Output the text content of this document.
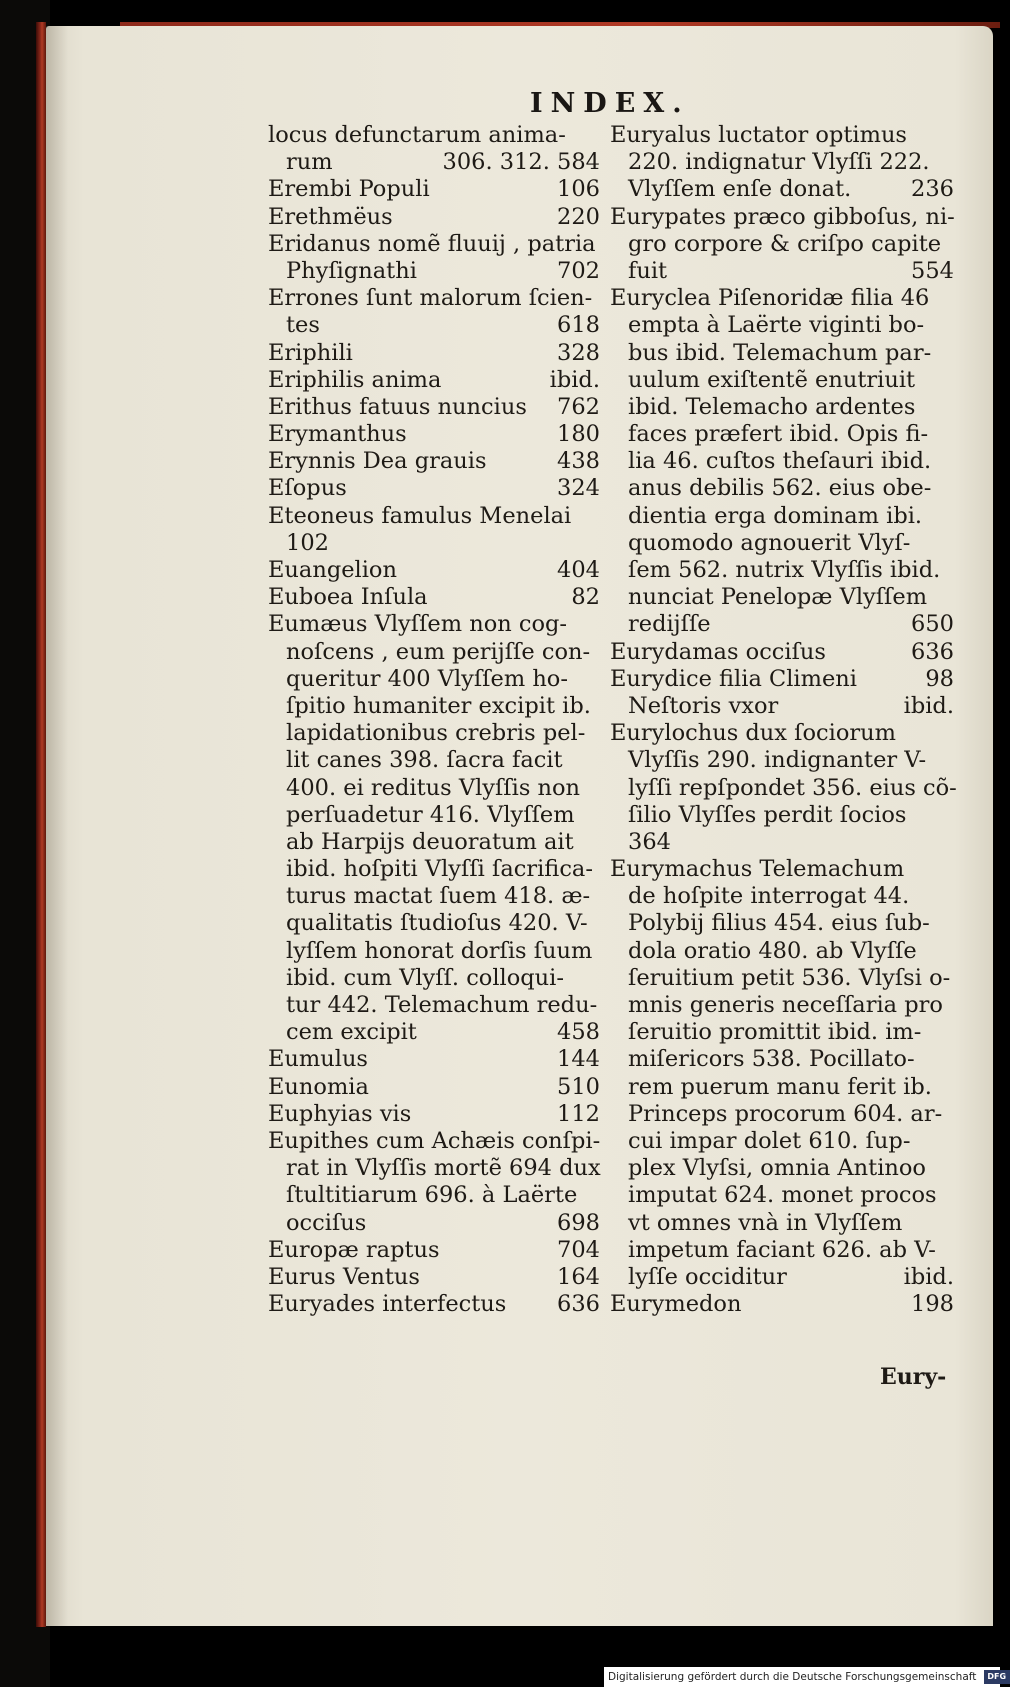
INDEX.
locus defunctarum anima-
rum	306. 312. 584
Erembi Populi	106
Erethmëus	220
Eridanus nomẽ fluuij , patria
Phyſignathi	702
Errones ſunt malorum ſcien-
tes	618
Eriphili	328
Eriphilis anima	ibid.
Erithus fatuus nuncius 762
Erymanthus	180
Erynnis Dea grauis	438
Eſopus	324
Eteoneus famulus Menelai
102
Euangelion	404
Euboea Inſula	82
Eumæus Vlyſſem non cog-
noſcens , eum perijſſe con-
queritur 400 Vlyſſem ho-
ſpitio humaniter excipit ib.
lapidationibus crebris pel-
lit canes 398. ſacra facit
400. ei reditus Vlyſſis non
perſuadetur 416. Vlyſſem
ab Harpijs deuoratum ait
ibid. hoſpiti Vlyſſi ſacrifica-
turus mactat ſuem 418. æ-
qualitatis ſtudioſus 420. V-
lyſſem honorat dorſis ſuum
ibid. cum Vlyſſ. colloqui-
tur 442. Telemachum redu-
cem excipit	458
Eumulus	144
Eunomia	510
Euphyias vis	112
Eupithes cum Achæis conſpi-
rat in Vlyſſis mortẽ 694 dux
ſtultitiarum 696. à Laërte
occiſus	698
Europæ raptus	704
Eurus Ventus	164
Euryades interfectus 636
Euryalus luctator optimus
220. indignatur Vlyſſi 222.
Vlyſſem enſe donat.	236
Eurypates præco gibboſus, ni-
gro corpore & criſpo capite
fuit	554
Euryclea Piſenoridæ filia 46
empta à Laërte viginti bo-
bus ibid. Telemachum par-
uulum exiſtentẽ enutriuit
ibid. Telemacho ardentes
faces præfert ibid. Opis fi-
lia 46. cuſtos theſauri ibid.
anus debilis 562. eius obe-
dientia erga dominam ibi.
quomodo agnouerit Vlyſ-
ſem 562. nutrix Vlyſſis ibid.
nunciat Penelopæ Vlyſſem
redijſſe	650
Eurydamas occiſus	636
Eurydice filia Climeni	98
Neſtoris vxor	ibid.
Eurylochus dux ſociorum
Vlyſſis 290. indignanter V-
lyſſi repſpondet 356. eius cõ-
ſilio Vlyſſes perdit ſocios
364
Eurymachus Telemachum
de hoſpite interrogat 44.
Polybij filius 454. eius ſub-
dola oratio 480. ab Vlyſſe
ſeruitium petit 536. Vlyſsi o-
mnis generis neceſſaria pro
ſeruitio promittit ibid. im-
miſericors 538. Pocillato-
rem puerum manu ferit ib.
Princeps procorum 604. ar-
cui impar dolet 610. ſup-
plex Vlyſsi, omnia Antinoo
imputat 624. monet procos
vt omnes vnà in Vlyſſem
impetum faciant 626. ab V-
lyſſe occiditur	ibid.
Eurymedon	198
Eury-
Digitalisierung gefördert durch die Deutsche Forschungsgemeinschaft DFG
